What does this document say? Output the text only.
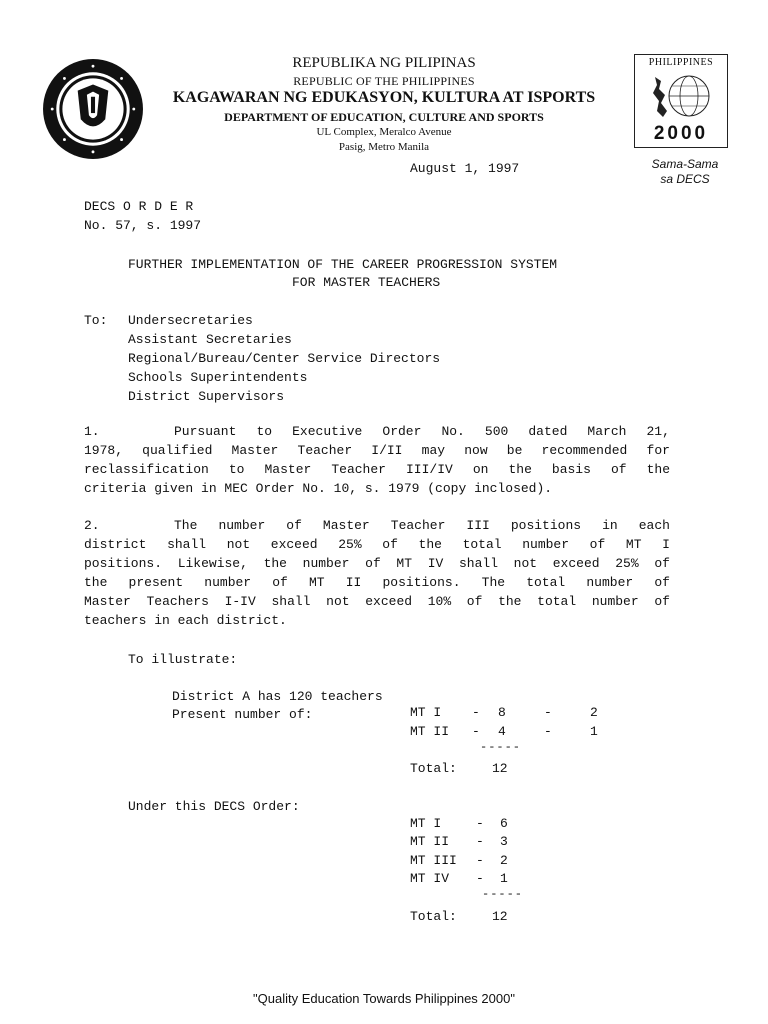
REPUBLIKA NG PILIPINAS
REPUBLIC OF THE PHILIPPINES
KAGAWARAN NG EDUKASYON, KULTURA AT ISPORTS
DEPARTMENT OF EDUCATION, CULTURE AND SPORTS
UL Complex, Meralco Avenue
Pasig, Metro Manila
PHILIPPINES
2000
Sama-Sama
sa DECS
August 1, 1997
DECS O R D E R
No. 57, s. 1997
FURTHER IMPLEMENTATION OF THE CAREER PROGRESSION SYSTEM
FOR MASTER TEACHERS
To: Undersecretaries
Assistant Secretaries
Regional/Bureau/Center Service Directors
Schools Superintendents
District Supervisors
1.	Pursuant to Executive Order No. 500 dated March 21,
1978, qualified Master Teacher I/II may now be recommended for
reclassification to Master Teacher III/IV on the basis of the
criteria given in MEC Order No. 10, s. 1979 (copy inclosed).
2.	The number of Master Teacher III positions in each
district shall not exceed 25% of the total number of MT I
positions. Likewise, the number of MT IV shall not exceed 25% of
the present number of MT II positions. The total number of
Master Teachers I-IV shall not exceed 10% of the total number of
teachers in each district.
To illustrate:
District A has 120 teachers
Present number of:	MT I - 8	-	2
MT II - 4	-	1
-----
Total:	12
Under this DECS Order:
MT I	- 6
MT II - 3
MT III - 2
MT IV - 1
-----
Total:	12
"Quality Education Towards Philippines 2000"
